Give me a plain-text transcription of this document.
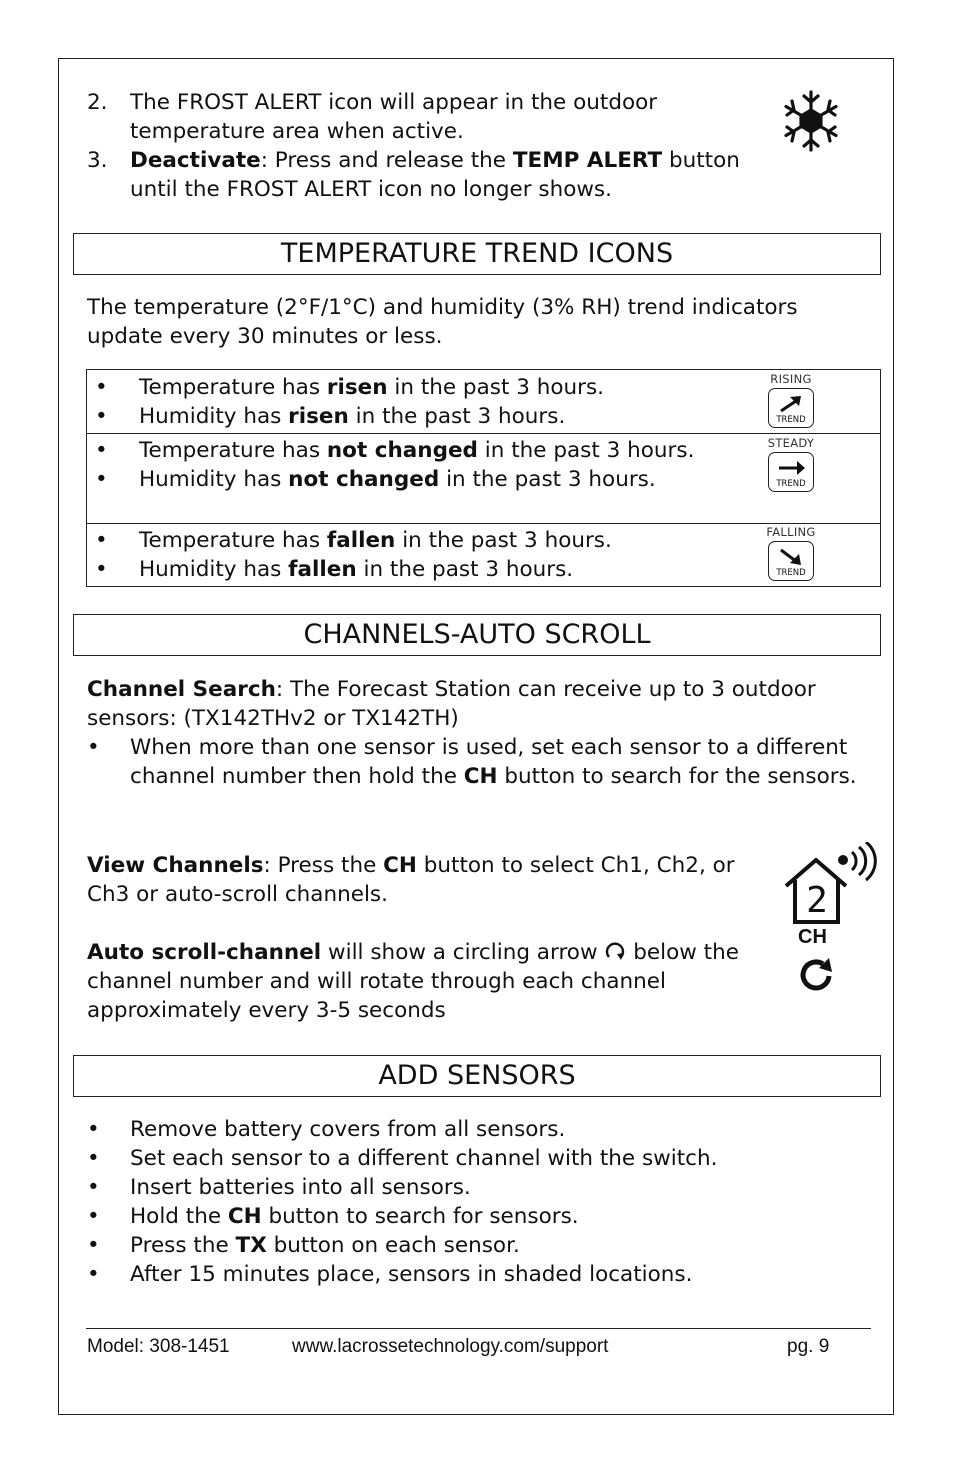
2. The FROST ALERT icon will appear in the outdoor temperature area when active.
3. Deactivate: Press and release the TEMP ALERT button until the FROST ALERT icon no longer shows.
TEMPERATURE TREND ICONS
The temperature (2°F/1°C) and humidity (3% RH) trend indicators update every 30 minutes or less.
• Temperature has risen in the past 3 hours.
• Humidity has risen in the past 3 hours.
RISING
TREND
• Temperature has not changed in the past 3 hours.
• Humidity has not changed in the past 3 hours.
STEADY
TREND
• Temperature has fallen in the past 3 hours.
• Humidity has fallen in the past 3 hours.
FALLING
TREND
CHANNELS-AUTO SCROLL
Channel Search: The Forecast Station can receive up to 3 outdoor sensors: (TX142THv2 or TX142TH)
• When more than one sensor is used, set each sensor to a different channel number then hold the CH button to search for the sensors.
View Channels: Press the CH button to select Ch1, Ch2, or Ch3 or auto-scroll channels.
Auto scroll-channel will show a circling arrow  below the channel number and will rotate through each channel approximately every 3-5 seconds
2
CH
ADD SENSORS
• Remove battery covers from all sensors.
• Set each sensor to a different channel with the switch.
• Insert batteries into all sensors.
• Hold the CH button to search for sensors.
• Press the TX button on each sensor.
• After 15 minutes place, sensors in shaded locations.
Model: 308-1451	www.lacrossetechnology.com/support	pg. 9
